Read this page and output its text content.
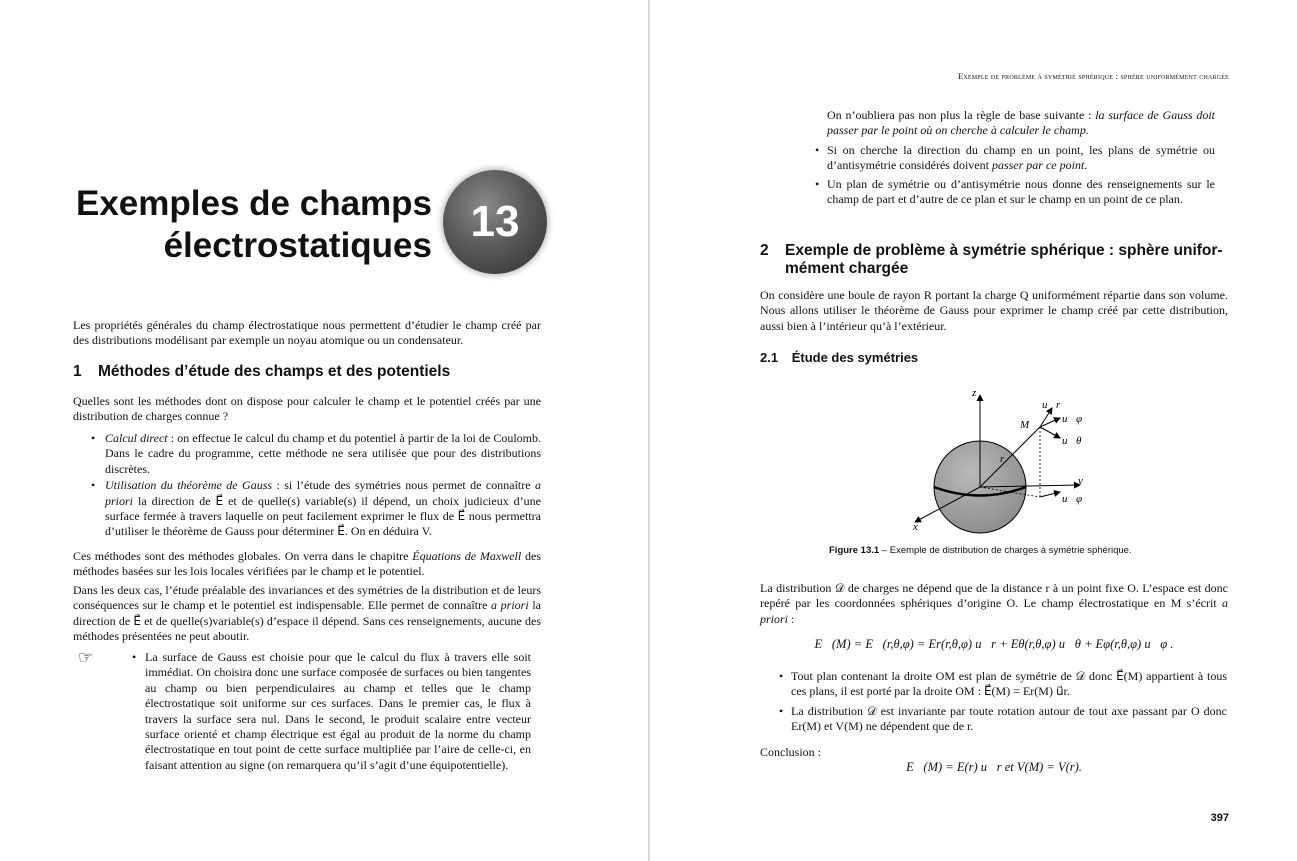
Exemples de champs
électrostatiques 13

Les propriétés générales du champ électrostatique nous permettent d’étudier le champ créé par des distributions modélisant par exemple un noyau atomique ou un condensateur.

1 Méthodes d’étude des champs et des potentiels

Quelles sont les méthodes dont on dispose pour calculer le champ et le potentiel créés par une distribution de charges connue ?

• Calcul direct : on effectue le calcul du champ et du potentiel à partir de la loi de Coulomb. Dans le cadre du programme, cette méthode ne sera utilisée que pour des distributions discrètes.
• Utilisation du théorème de Gauss : si l’étude des symétries nous permet de connaître a priori la direction de E⃗ et de quelle(s) variable(s) il dépend, un choix judicieux d’une surface fermée à travers laquelle on peut facilement exprimer le flux de E⃗ nous permettra d’utiliser le théorème de Gauss pour déterminer E⃗. On en déduira V.

Ces méthodes sont des méthodes globales. On verra dans le chapitre Équations de Maxwell des méthodes basées sur les lois locales vérifiées par le champ et le potentiel.

Dans les deux cas, l’étude préalable des invariances et des symétries de la distribution et de leurs conséquences sur le champ et le potentiel est indispensable. Elle permet de connaître a priori la direction de E⃗ et de quelle(s)variable(s) d’espace il dépend. Sans ces renseignements, aucune des méthodes présentées ne peut aboutir.

☞	• La surface de Gauss est choisie pour que le calcul du flux à travers elle soit immédiat. On choisira donc une surface composée de surfaces ou bien tangentes au champ ou bien perpendiculaires au champ et telles que le champ électrostatique soit uniforme sur ces surfaces. Dans le premier cas, le flux à travers la surface sera nul. Dans le second, le produit scalaire entre vecteur surface orienté et champ électrique est égal au produit de la norme du champ électrostatique en tout point de cette surface multipliée par l’aire de celle-ci, en faisant attention au signe (on remarquera qu’il s’agit d’une équipotentielle).
Exemple de problème à symétrie sphérique : sphère uniformément chargée

On n’oubliera pas non plus la règle de base suivante : la surface de Gauss doit passer par le point où on cherche à calculer le champ.

• Si on cherche la direction du champ en un point, les plans de symétrie ou d’antisymétrie considérés doivent passer par ce point.
• Un plan de symétrie ou d’antisymétrie nous donne des renseignements sur le champ de part et d’autre de ce plan et sur le champ en un point de ce plan.
2 Exemple de problème à symétrie sphérique : sphère unifor-
mément chargée

On considère une boule de rayon R portant la charge Q uniformément répartie dans son volume. Nous allons utiliser le théorème de Gauss pour exprimer le champ créé par cette distribution, aussi bien à l’intérieur qu’à l’extérieur.

2.1 Étude des symétries
z
y
x
M
r
u⃗r
u⃗φ
u⃗θ
u⃗φ
Figure 13.1 – Exemple de distribution de charges à symétrie sphérique.

La distribution 𝒟 de charges ne dépend que de la distance r à un point fixe O. L’espace est donc repéré par les coordonnées sphériques d’origine O. Le champ électrostatique en M s’écrit a priori :

E⃗(M) = E⃗(r,θ,φ) = Er(r,θ,φ) u⃗r + Eθ(r,θ,φ) u⃗θ + Eφ(r,θ,φ) u⃗φ .
• Tout plan contenant la droite OM est plan de symétrie de 𝒟 donc E⃗(M) appartient à tous ces plans, il est porté par la droite OM : E⃗(M) = Er(M) u⃗r.
• La distribution 𝒟 est invariante par toute rotation autour de tout axe passant par O donc Er(M) et V(M) ne dépendent que de r.
Conclusion :
E⃗(M) = E(r) u⃗r et V(M) = V(r).
397
